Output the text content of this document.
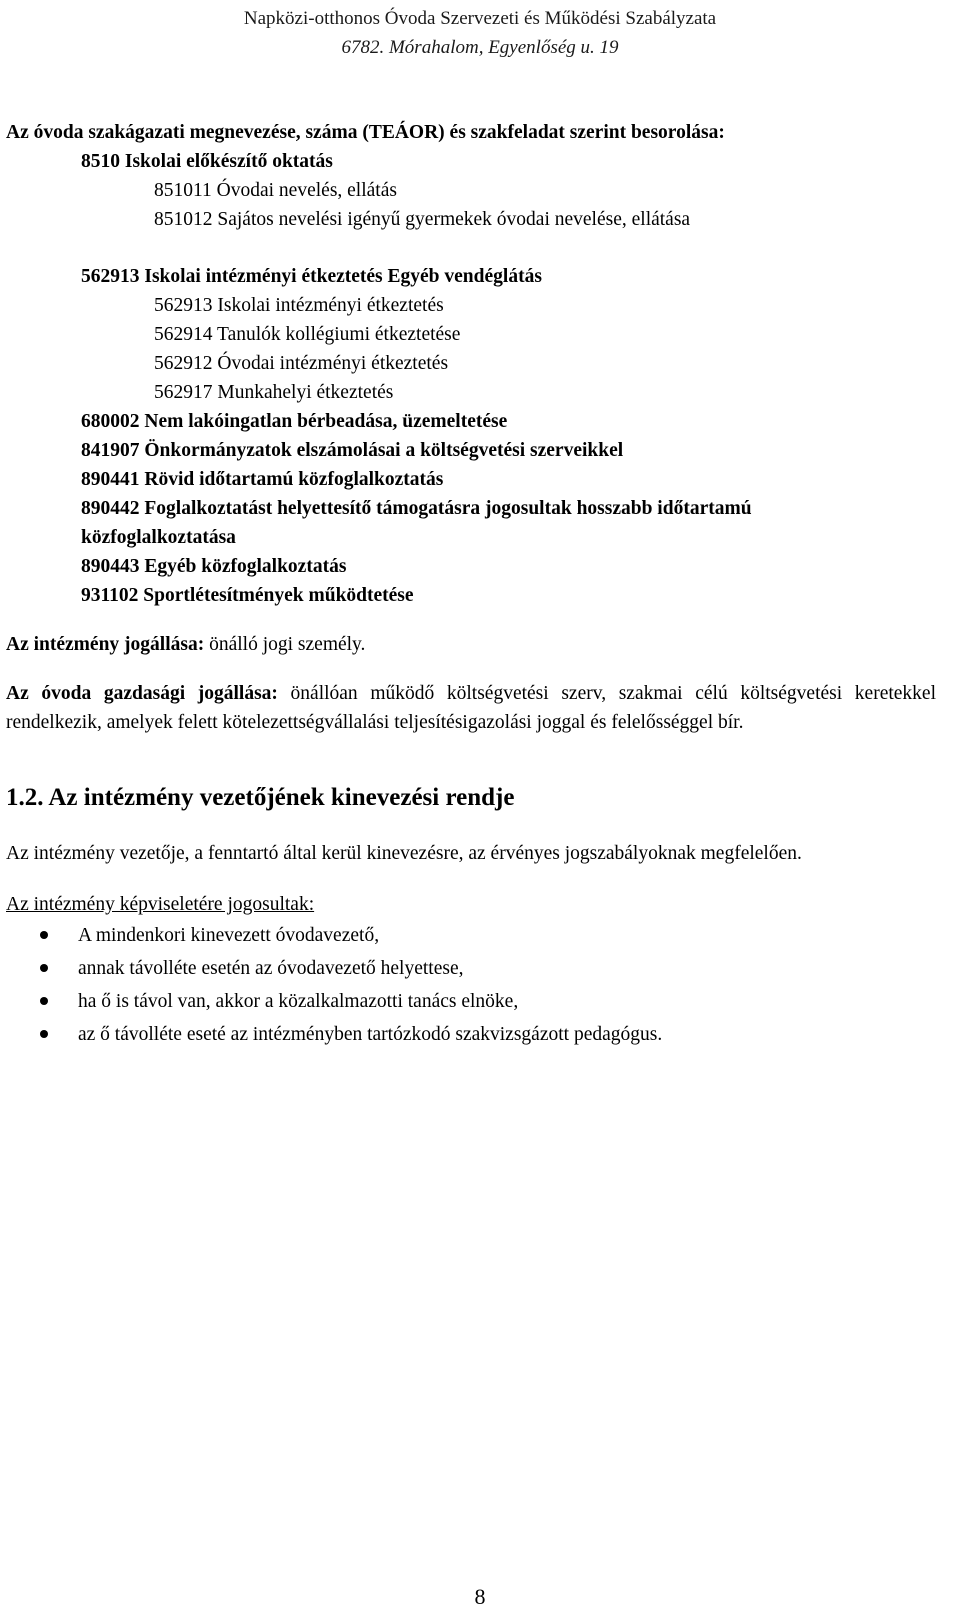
Napközi-otthonos Óvoda Szervezeti és Működési Szabályzata
6782. Mórahalom, Egyenlőség u. 19
Az óvoda szakágazati megnevezése, száma (TEÁOR) és szakfeladat szerint besorolása:
8510 Iskolai előkészítő oktatás
851011 Óvodai nevelés, ellátás
851012 Sajátos nevelési igényű gyermekek óvodai nevelése, ellátása
562913 Iskolai intézményi étkeztetés Egyéb vendéglátás
562913 Iskolai intézményi étkeztetés
562914 Tanulók kollégiumi étkeztetése
562912 Óvodai intézményi étkeztetés
562917 Munkahelyi étkeztetés
680002 Nem lakóingatlan bérbeadása, üzemeltetése
841907 Önkormányzatok elszámolásai a költségvetési szerveikkel
890441 Rövid időtartamú közfoglalkoztatás
890442 Foglalkoztatást helyettesítő támogatásra jogosultak hosszabb időtartamú
közfoglalkoztatása
890443 Egyéb közfoglalkoztatás
931102 Sportlétesítmények működtetése
Az intézmény jogállása: önálló jogi személy.
Az óvoda gazdasági jogállása: önállóan működő költségvetési szerv, szakmai célú költségvetési keretekkel rendelkezik, amelyek felett kötelezettségvállalási teljesítésigazolási joggal és felelősséggel bír.
1.2. Az intézmény vezetőjének kinevezési rendje
Az intézmény vezetője, a fenntartó által kerül kinevezésre, az érvényes jogszabályoknak megfelelően.
Az intézmény képviseletére jogosultak:
A mindenkori kinevezett óvodavezető,
annak távolléte esetén az óvodavezető helyettese,
ha ő is távol van, akkor a közalkalmazotti tanács elnöke,
az ő távolléte eseté az intézményben tartózkodó szakvizsgázott pedagógus.
8
